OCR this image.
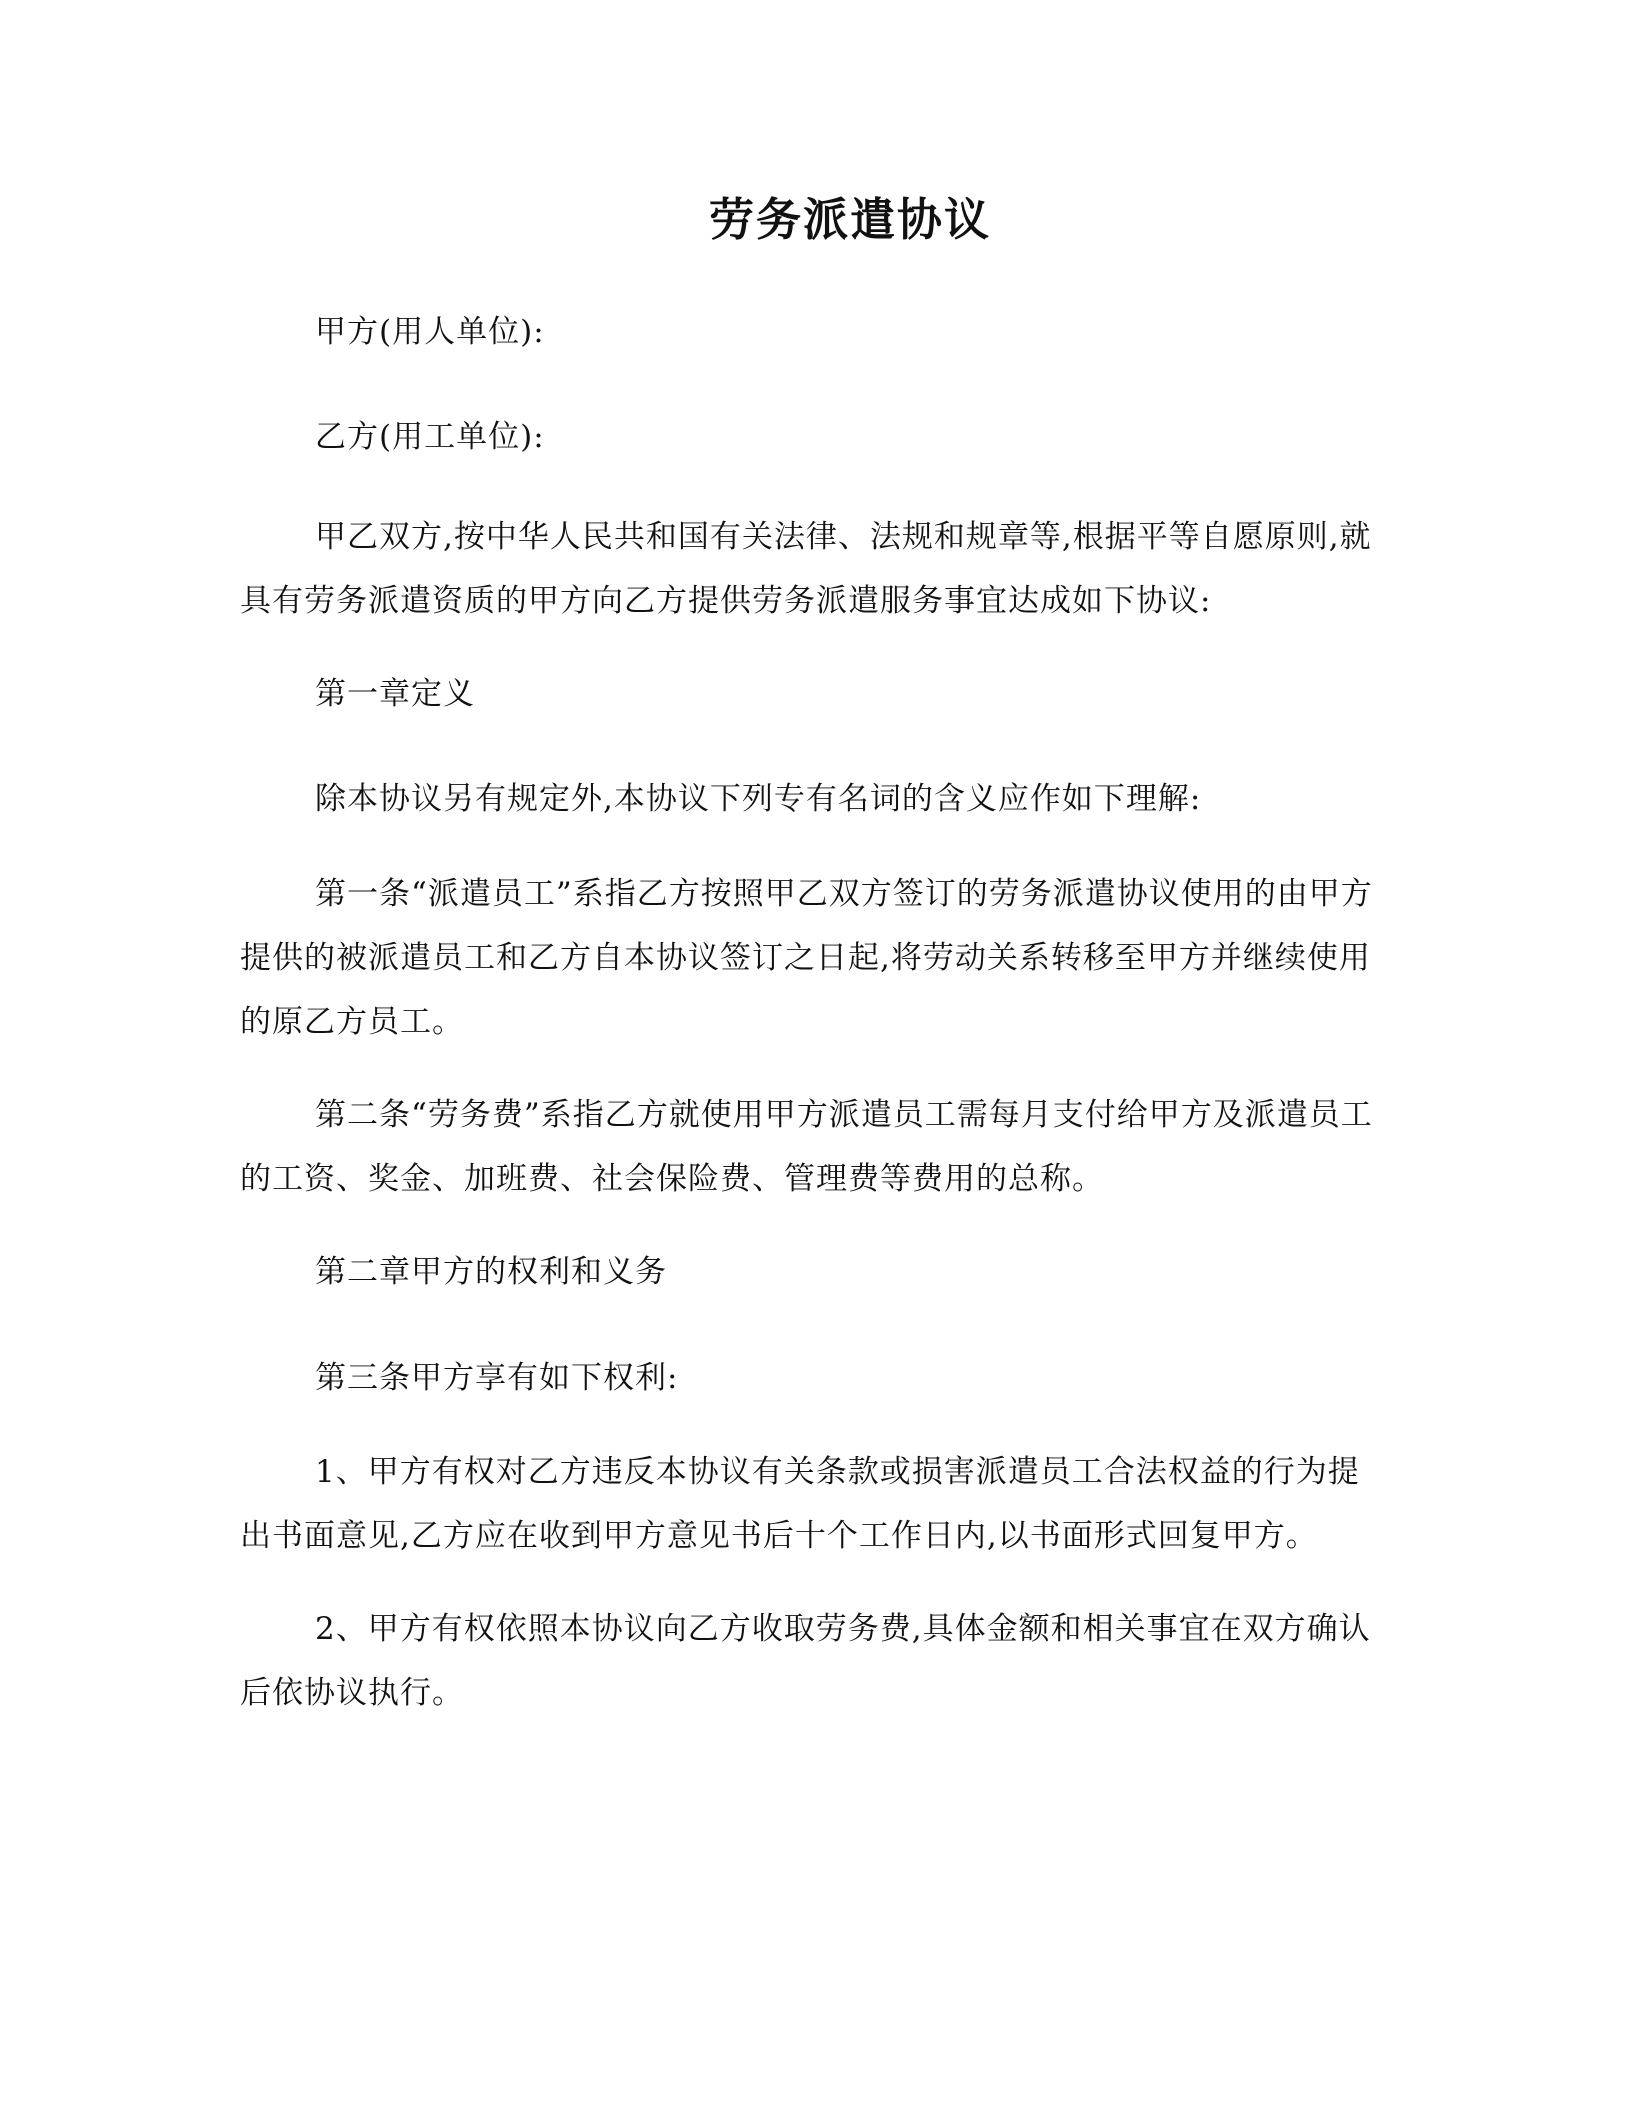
劳务派遣协议

甲方(用人单位):

乙方(用工单位):

甲乙双方,按中华人民共和国有关法律、法规和规章等,根据平等自愿原则,就具有劳务派遣资质的甲方向乙方提供劳务派遣服务事宜达成如下协议:

第一章定义

除本协议另有规定外,本协议下列专有名词的含义应作如下理解:

第一条“派遣员工”系指乙方按照甲乙双方签订的劳务派遣协议使用的由甲方提供的被派遣员工和乙方自本协议签订之日起,将劳动关系转移至甲方并继续使用的原乙方员工。

第二条“劳务费”系指乙方就使用甲方派遣员工需每月支付给甲方及派遣员工的工资、奖金、加班费、社会保险费、管理费等费用的总称。

第二章甲方的权利和义务

第三条甲方享有如下权利:

1、甲方有权对乙方违反本协议有关条款或损害派遣员工合法权益的行为提出书面意见,乙方应在收到甲方意见书后十个工作日内,以书面形式回复甲方。

2、甲方有权依照本协议向乙方收取劳务费,具体金额和相关事宜在双方确认后依协议执行。
